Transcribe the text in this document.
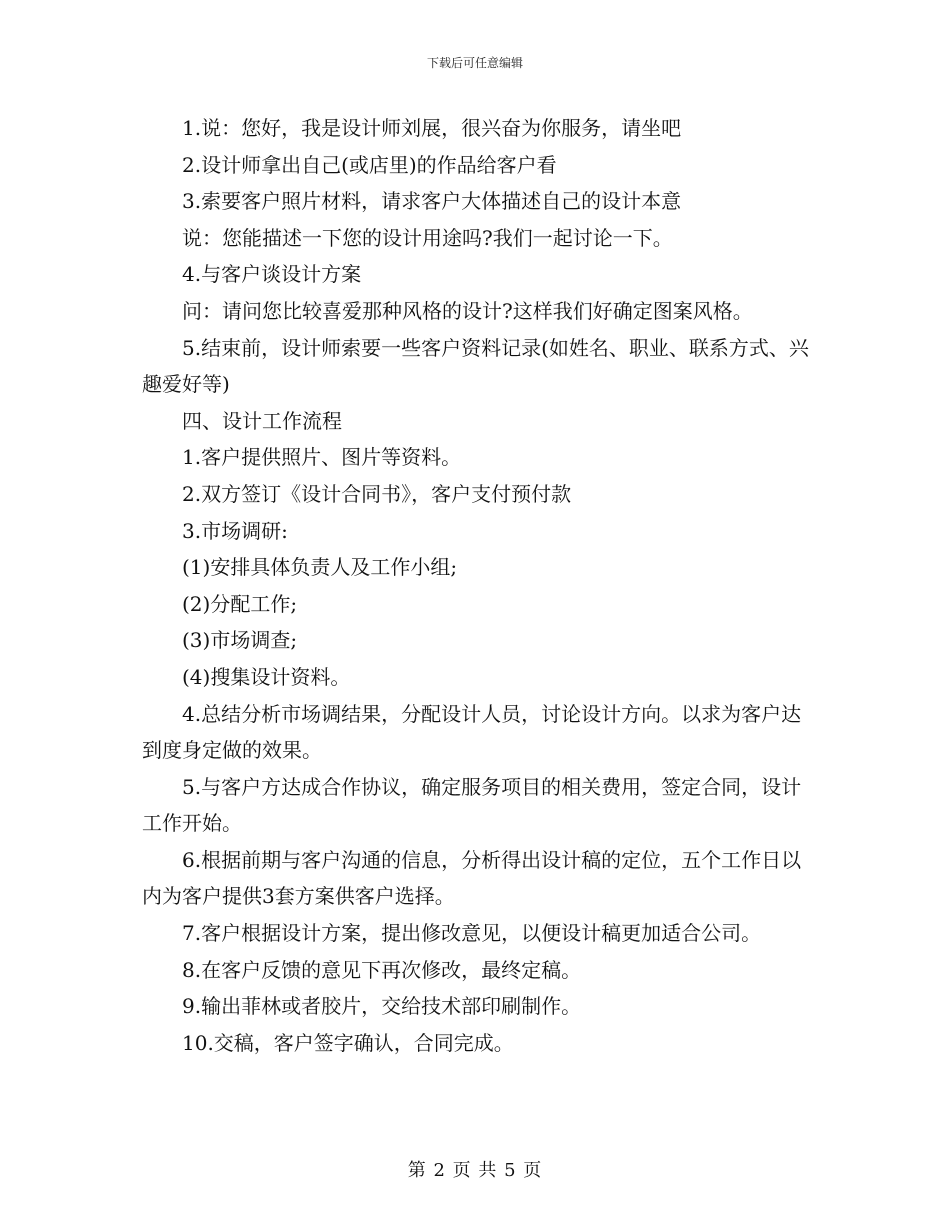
下载后可任意编辑

1.说：您好，我是设计师刘展，很兴奋为你服务，请坐吧

2.设计师拿出自己(或店里)的作品给客户看

3.索要客户照片材料，请求客户大体描述自己的设计本意

说：您能描述一下您的设计用途吗?我们一起讨论一下。

4.与客户谈设计方案

问：请问您比较喜爱那种风格的设计?这样我们好确定图案风格。

5.结束前，设计师索要一些客户资料记录(如姓名、职业、联系方式、兴趣爱好等)

四、设计工作流程

1.客户提供照片、图片等资料。

2.双方签订《设计合同书》，客户支付预付款

3.市场调研:

(1)安排具体负责人及工作小组;

(2)分配工作;

(3)市场调查;

(4)搜集设计资料。

4.总结分析市场调结果，分配设计人员，讨论设计方向。以求为客户达到度身定做的效果。

5.与客户方达成合作协议，确定服务项目的相关费用，签定合同，设计工作开始。

6.根据前期与客户沟通的信息，分析得出设计稿的定位，五个工作日以内为客户提供3套方案供客户选择。

7.客户根据设计方案，提出修改意见，以便设计稿更加适合公司。

8.在客户反馈的意见下再次修改，最终定稿。

9.输出菲林或者胶片，交给技术部印刷制作。

10.交稿，客户签字确认，合同完成。

第 2 页 共 5 页
